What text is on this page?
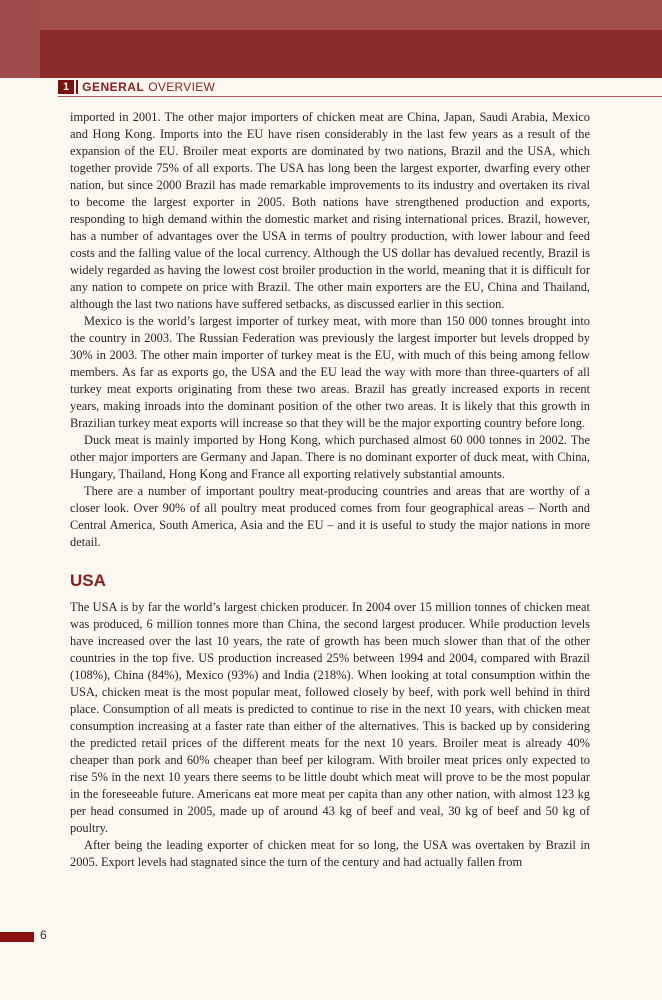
1	GENERAL OVERVIEW

imported in 2001. The other major importers of chicken meat are China, Japan, Saudi Arabia, Mexico and Hong Kong. Imports into the EU have risen considerably in the last few years as a result of the expansion of the EU. Broiler meat exports are dominated by two nations, Brazil and the USA, which together provide 75% of all exports. The USA has long been the largest exporter, dwarfing every other nation, but since 2000 Brazil has made remarkable improvements to its industry and overtaken its rival to become the largest exporter in 2005. Both nations have strengthened production and exports, responding to high demand within the domestic market and rising international prices. Brazil, however, has a number of advantages over the USA in terms of poultry production, with lower labour and feed costs and the falling value of the local currency. Although the US dollar has devalued recently, Brazil is widely regarded as having the lowest cost broiler production in the world, meaning that it is difficult for any nation to compete on price with Brazil. The other main exporters are the EU, China and Thailand, although the last two nations have suffered setbacks, as discussed earlier in this section.

Mexico is the world’s largest importer of turkey meat, with more than 150 000 tonnes brought into the country in 2003. The Russian Federation was previously the largest importer but levels dropped by 30% in 2003. The other main importer of turkey meat is the EU, with much of this being among fellow members. As far as exports go, the USA and the EU lead the way with more than three-quarters of all turkey meat exports originating from these two areas. Brazil has greatly increased exports in recent years, making inroads into the dominant position of the other two areas. It is likely that this growth in Brazilian turkey meat exports will increase so that they will be the major exporting country before long.

Duck meat is mainly imported by Hong Kong, which purchased almost 60 000 tonnes in 2002. The other major importers are Germany and Japan. There is no dominant exporter of duck meat, with China, Hungary, Thailand, Hong Kong and France all exporting relatively substantial amounts.

There are a number of important poultry meat-producing countries and areas that are worthy of a closer look. Over 90% of all poultry meat produced comes from four geographical areas – North and Central America, South America, Asia and the EU – and it is useful to study the major nations in more detail.

USA

The USA is by far the world’s largest chicken producer. In 2004 over 15 million tonnes of chicken meat was produced, 6 million tonnes more than China, the second largest producer. While production levels have increased over the last 10 years, the rate of growth has been much slower than that of the other countries in the top five. US production increased 25% between 1994 and 2004, compared with Brazil (108%), China (84%), Mexico (93%) and India (218%). When looking at total consumption within the USA, chicken meat is the most popular meat, followed closely by beef, with pork well behind in third place. Consumption of all meats is predicted to continue to rise in the next 10 years, with chicken meat consumption increasing at a faster rate than either of the alternatives. This is backed up by considering the predicted retail prices of the different meats for the next 10 years. Broiler meat is already 40% cheaper than pork and 60% cheaper than beef per kilogram. With broiler meat prices only expected to rise 5% in the next 10 years there seems to be little doubt which meat will prove to be the most popular in the foreseeable future. Americans eat more meat per capita than any other nation, with almost 123 kg per head consumed in 2005, made up of around 43 kg of beef and veal, 30 kg of beef and 50 kg of poultry.

After being the leading exporter of chicken meat for so long, the USA was overtaken by Brazil in 2005. Export levels had stagnated since the turn of the century and had actually fallen from

6
